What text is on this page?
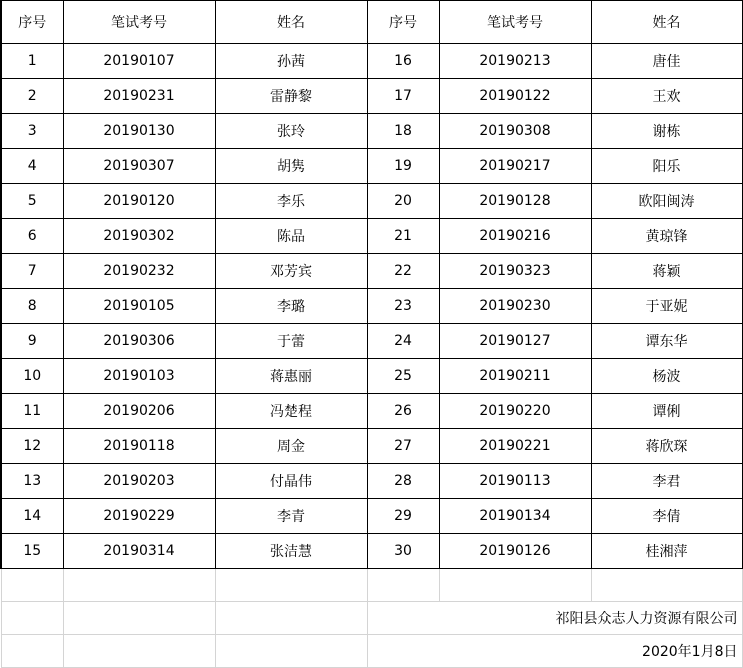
序号	笔试考号	姓名	序号	笔试考号	姓名
1	20190107	孙茜	16	20190213	唐佳
2	20190231	雷静黎	17	20190122	王欢
3	20190130	张玲	18	20190308	谢栋
4	20190307	胡隽	19	20190217	阳乐
5	20190120	李乐	20	20190128	欧阳闽涛
6	20190302	陈品	21	20190216	黄琼锋
7	20190232	邓芳宾	22	20190323	蒋颖
8	20190105	李璐	23	20190230	于亚妮
9	20190306	于蕾	24	20190127	谭东华
10	20190103	蒋惠丽	25	20190211	杨波
11	20190206	冯楚程	26	20190220	谭俐
12	20190118	周金	27	20190221	蒋欣琛
13	20190203	付晶伟	28	20190113	李君
14	20190229	李青	29	20190134	李倩
15	20190314	张洁慧	30	20190126	桂湘萍

			祁阳县众志人力资源有限公司		
			2020年1月8日		
